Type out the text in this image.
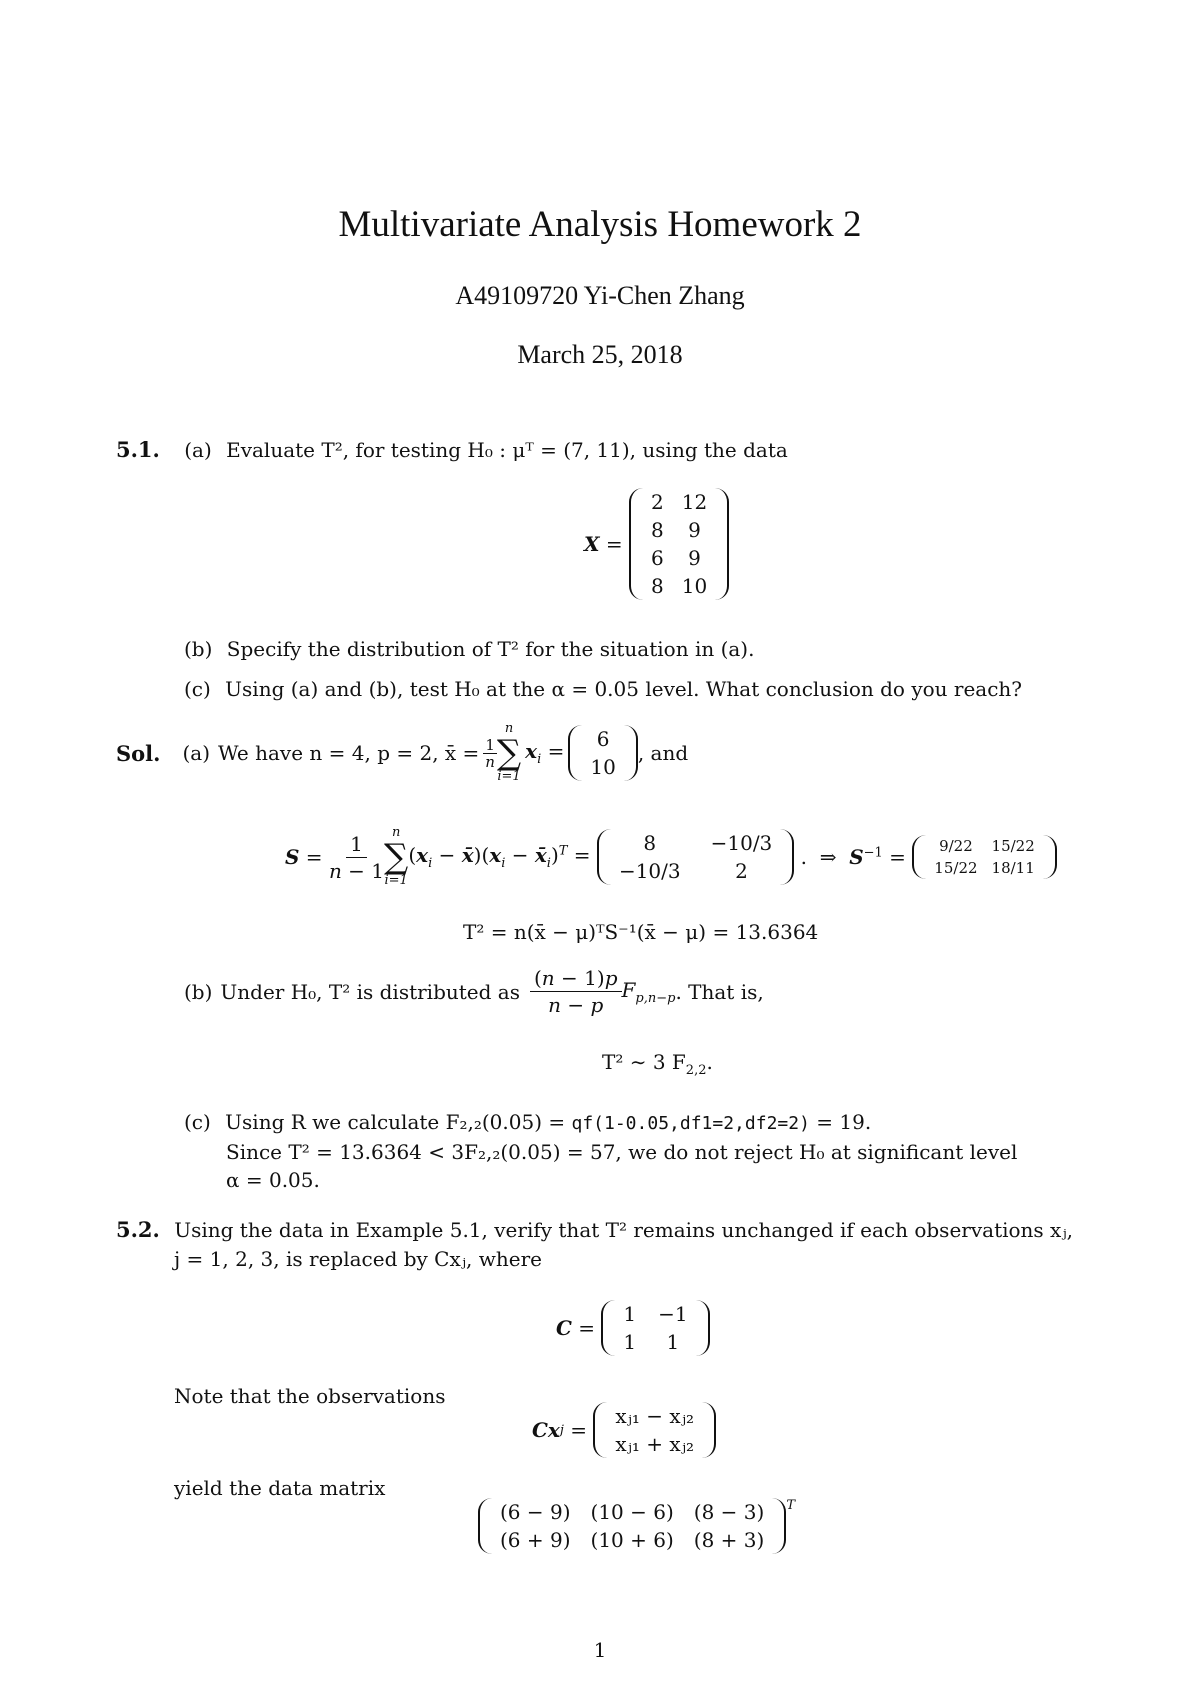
Multivariate Analysis Homework 2
A49109720 Yi-Chen Zhang
March 25, 2018
5.1. (a) Evaluate T², for testing H₀ : μᵀ = (7, 11), using the data
X =
2 12
8	9
6	9
8 10
(b) Specify the distribution of T² for the situation in (a).
(c) Using (a) and (b), test H₀ at the α = 0.05 level. What conclusion do you reach?
Sol. (a) We have n = 4, p = 2, x̄ = $\frac{1}{n}$
n
∑
i=1
$x_i$ =	6
10
, and
S =
1
n − 1
n
∑
i=1
($x_i$ − $x̄)(x_i$ − $x̄_i)^T$ =	8	−10/3
−10/3	2
.  ⇒  $S^{-1}$ =	9/22	15/22
15/22 18/11
T² = n(x̄ − μ)ᵀS⁻¹(x̄ − μ) = 13.6364
(b) Under H₀, T² is distributed as
(n − 1)p
n − p
$F_{p,n-p}$ . That is,
T² ∼ 3 $F_{2,2}$.
(c) Using R we calculate F₂,₂(0.05) = qf(1-0.05,df1=2,df2=2) = 19.
Since T² = 13.6364 < 3F₂,₂(0.05) = 57, we do not reject H₀ at significant level
α = 0.05.
5.2. Using the data in Example 5.1, verify that T² remains unchanged if each observations xⱼ,
j = 1, 2, 3, is replaced by Cxⱼ, where
C =
1 −1
1	1
Note that the observations
Cx j =
xⱼ₁ − xⱼ₂
xⱼ₁ + xⱼ₂
yield the data matrix
(6 − 9) (10 − 6) (8 − 3)
(6 + 9) (10 + 6) (8 + 3)
$^T$
1
